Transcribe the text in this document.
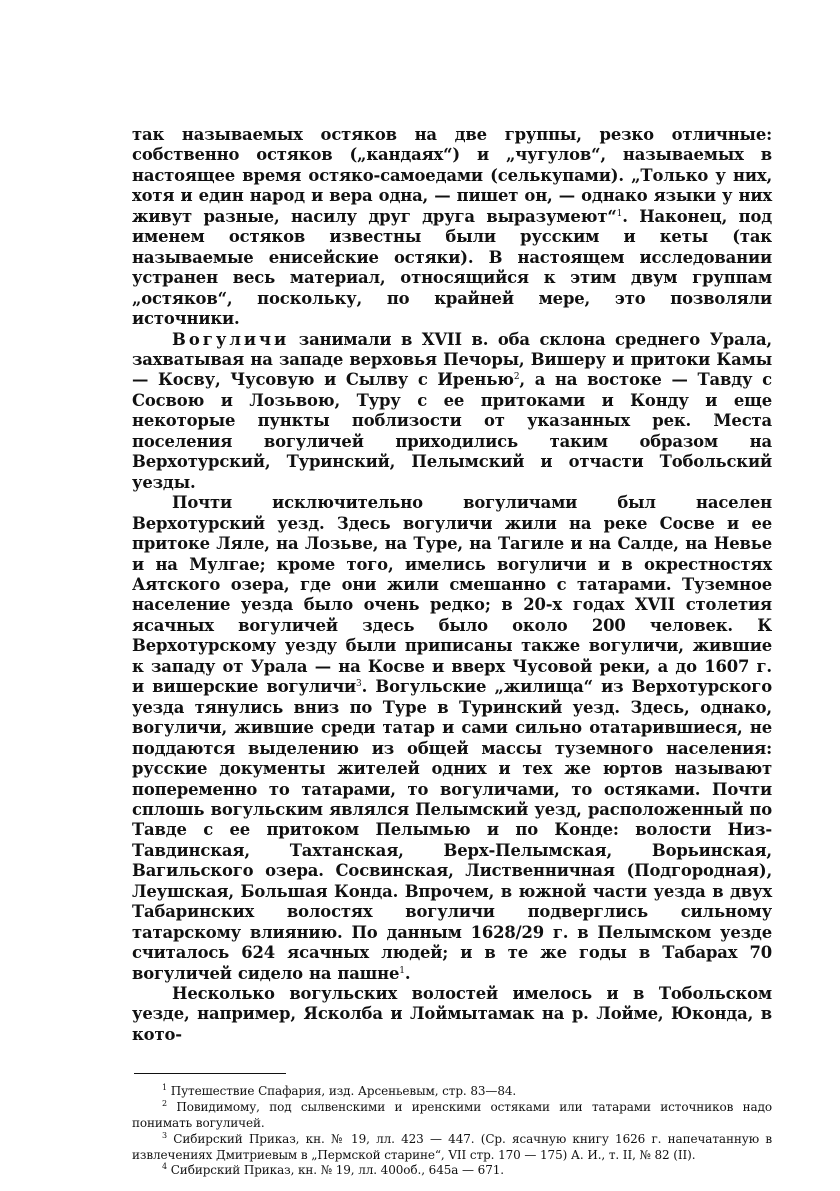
так называемых остяков на две группы, резко отличные: собственно остяков („кандаях“) и „чугулов“, называемых в настоящее время остяко-самоедами (селькупами). „Только у них, хотя и един народ и вера одна, — пишет он, — однако языки у них живут разные, насилу друг друга выразумеют“$^1$. Наконец, под именем остяков известны были русским и кеты (так называемые енисейские остяки). В настоящем исследовании устранен весь материал, относящийся к этим двум группам „остяков“, поскольку, по крайней мере, это позволяли источники.

Вогуличи занимали в XVII в. оба склона среднего Урала, захватывая на западе верховья Печоры, Вишеру и притоки Камы — Косву, Чусовую и Сылву с Иренью$^2$, а на востоке — Тавду с Сосвою и Лозьвою, Туру с ее притоками и Конду и еще некоторые пункты поблизости от указанных рек. Места поселения вогуличей приходились таким образом на Верхотурский, Туринский, Пелымский и отчасти Тобольский уезды.

Почти исключительно вогуличами был населен Верхотурский уезд. Здесь вогуличи жили на реке Сосве и ее притоке Ляле, на Лозьве, на Туре, на Тагиле и на Салде, на Невье и на Мулгае; кроме того, имелись вогуличи и в окрестностях Аятского озера, где они жили смешанно с татарами. Туземное население уезда было очень редко; в 20-х годах XVII столетия ясачных вогуличей здесь было около 200 человек. К Верхотурскому уезду были приписаны также вогуличи, жившие к западу от Урала — на Косве и вверх Чусовой реки, а до 1607 г. и вишерские вогуличи$^3$. Вогульские „жилища“ из Верхотурского уезда тянулись вниз по Туре в Туринский уезд. Здесь, однако, вогуличи, жившие среди татар и сами сильно отатарившиеся, не поддаются выделению из общей массы туземного населения: русские документы жителей одних и тех же юртов называют попеременно то татарами, то вогуличами, то остяками. Почти сплошь вогульским являлся Пелымский уезд, расположенный по Тавде с ее притоком Пелымью и по Конде: волости Низ-Тавдинская, Тахтанская, Верх-Пелымская, Ворьинская, Вагильского озера. Сосвинская, Лиственничная (Подгородная), Леушская, Большая Конда. Впрочем, в южной части уезда в двух Табаринских волостях вогуличи подверглись сильному татарскому влиянию. По данным 1628/29 г. в Пелымском уезде считалось 624 ясачных людей; и в те же годы в Табарах 70 вогуличей сидело на пашне$^1$.

Несколько вогульских волостей имелось и в Тобольском уезде, например, Ясколба и Лоймытамак на р. Лойме, Юконда, в кото-

$^1$ Путешествие Спафария, изд. Арсеньевым, стр. 83—84.

$^2$ Повидимому, под сылвенскими и иренскими остяками или татарами источников надо понимать вогуличей.

$^3$ Сибирский Приказ, кн. № 19, лл. 423 — 447. (Ср. ясачную книгу 1626 г. напечатанную в извлечениях Дмитриевым в „Пермской старине“, VII стр. 170 — 175) А. И., т. II, № 82 (II).

$^4$ Сибирский Приказ, кн. № 19, лл. 400об., 645а — 671.
